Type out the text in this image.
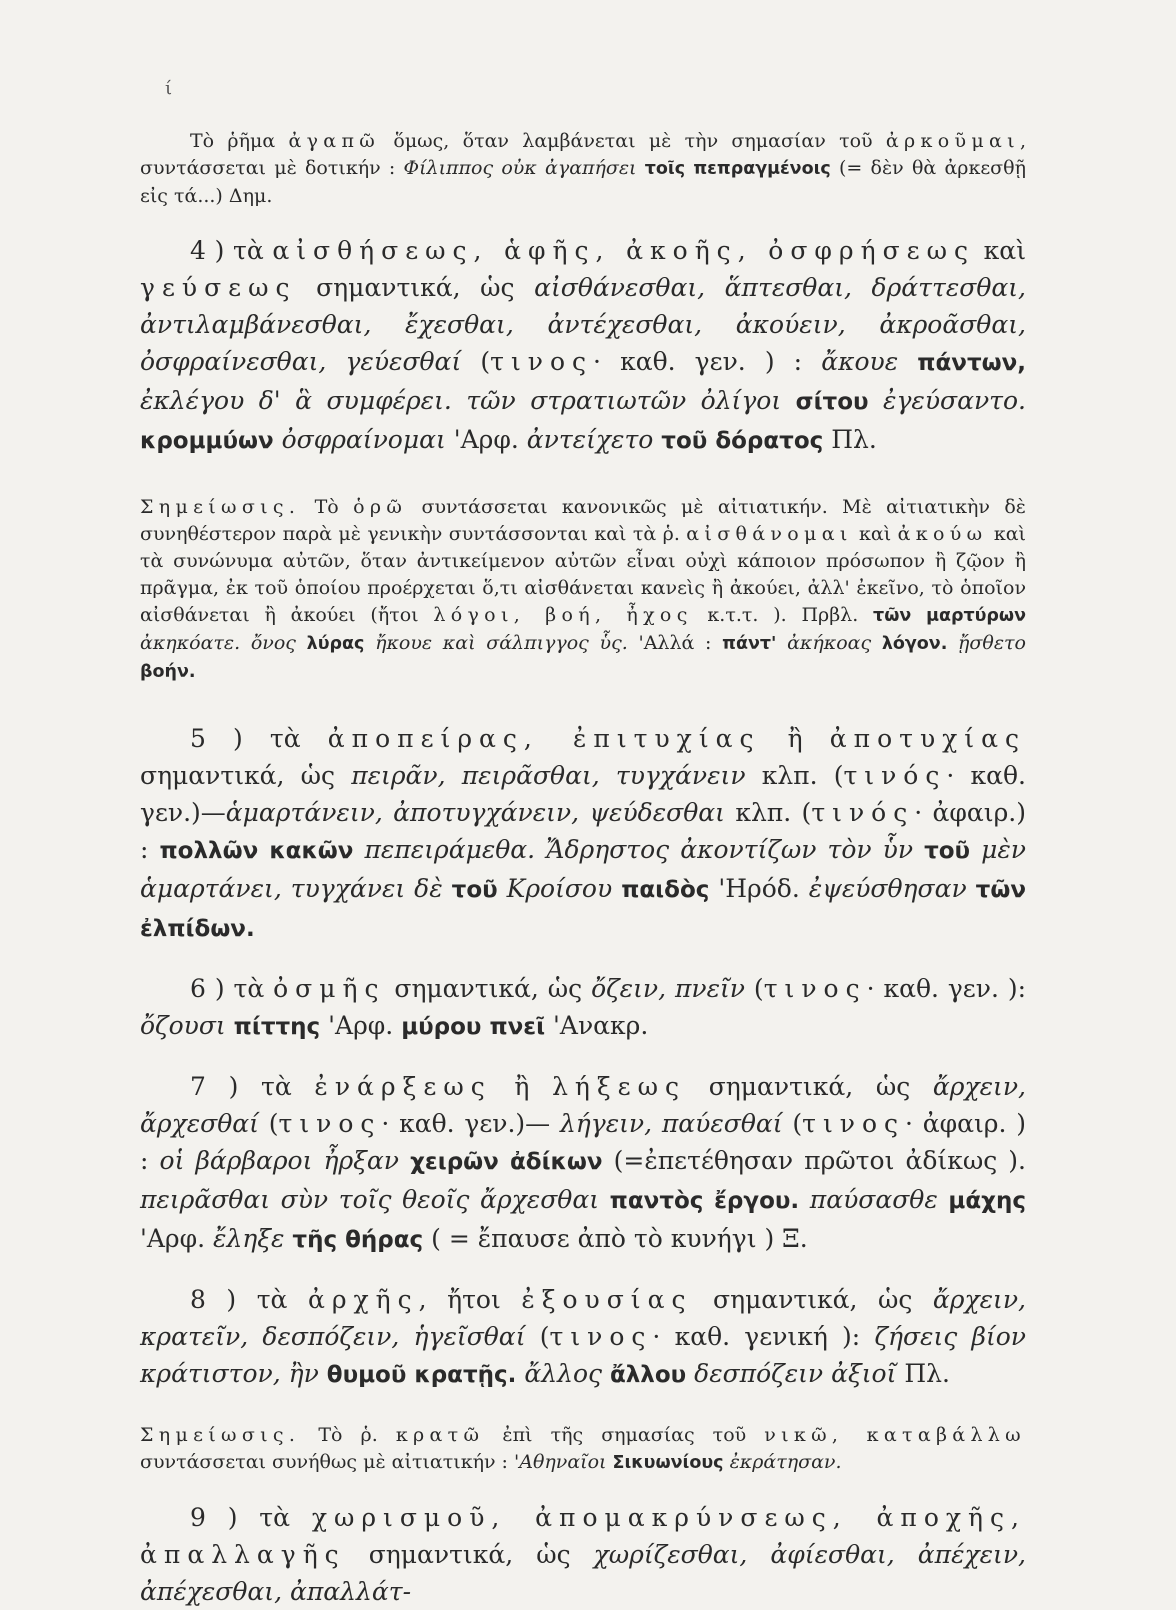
ί

Τὸ ῥῆμα ἀγαπῶ ὅμως, ὅταν λαμβάνεται μὲ τὴν σημασίαν τοῦ ἀρκοῦμαι, συντάσσεται μὲ δοτικήν : Φίλιππος οὐκ ἀγαπήσει τοῖς πεπραγμένοις (= δὲν θὰ ἀρκεσθῇ εἰς τά...) Δημ.

4 ) τὰ αἰσθήσεως, ἁφῆς, ἀκοῆς, ὀσφρήσεως καὶ γεύσεως σημαντικά, ὡς αἰσθάνεσθαι, ἅπτεσθαι, δράττεσθαι, ἀντιλαμβάνεσθαι, ἔχεσθαι, ἀντέχεσθαι, ἀκούειν, ἀκροᾶσθαι, ὀσφραίνεσθαι, γεύεσθαί (τινος· καθ. γεν. ) : ἄκουε πάντων, ἐκλέγου δ' ἃ συμφέρει. τῶν στρατιωτῶν ὀλίγοι σίτου ἐγεύσαντο. κρομμύων ὀσφραίνομαι 'Αρφ. ἀντείχετο τοῦ δόρατος Πλ.

Σημείωσις. Τὸ ὁρῶ συντάσσεται κανονικῶς μὲ αἰτιατικήν. Μὲ αἰτιατικὴν δὲ συνηθέστερον παρὰ μὲ γενικὴν συντάσσονται καὶ τὰ ῥ. αἰσθάνομαι καὶ ἀκούω καὶ τὰ συνώνυμα αὐτῶν, ὅταν ἀντικείμενον αὐτῶν εἶναι οὐχὶ κάποιον πρόσωπον ἢ ζῷον ἢ πρᾶγμα, ἐκ τοῦ ὁποίου προέρχεται ὅ,τι αἰσθάνεται κανεὶς ἢ ἀκούει, ἀλλ' ἐκεῖνο, τὸ ὁποῖον αἰσθάνεται ἢ ἀκούει (ἤτοι λόγοι, βοή, ἦχος κ.τ.τ. ). Πρβλ. τῶν μαρτύρων ἀκηκόατε. ὄνος λύρας ἤκουε καὶ σάλπιγγος ὗς. 'Αλλά : πάντ' ἀκήκοας λόγον. ᾔσθετο βοήν.

5 ) τὰ ἀποπείρας, ἐπιτυχίας ἢ ἀποτυχίας σημαντικά, ὡς πειρᾶν, πειρᾶσθαι, τυγχάνειν κλπ. (τινός· καθ. γεν.)—ἁμαρτάνειν, ἀποτυγχάνειν, ψεύδεσθαι κλπ. (τινός· ἀφαιρ.) : πολλῶν κακῶν πεπειράμεθα. Ἄδρηστος ἀκοντίζων τὸν ὗν τοῦ μὲν ἁμαρτάνει, τυγχάνει δὲ τοῦ Κροίσου παιδὸς 'Ηρόδ. ἐψεύσθησαν τῶν ἐλπίδων.

6 ) τὰ ὀσμῆς σημαντικά, ὡς ὄζειν, πνεῖν (τινος· καθ. γεν. ): ὄζουσι πίττης 'Αρφ. μύρου πνεῖ 'Ανακρ.

7 ) τὰ ἐνάρξεως ἢ λήξεως σημαντικά, ὡς ἄρχειν, ἄρχεσθαί (τινος· καθ. γεν.)— λήγειν, παύεσθαί (τινος· ἀφαιρ. ) : οἱ βάρβαροι ἦρξαν χειρῶν ἀδίκων (=ἐπετέθησαν πρῶτοι ἀδίκως ). πειρᾶσθαι σὺν τοῖς θεοῖς ἄρχεσθαι παντὸς ἔργου. παύσασθε μάχης 'Αρφ. ἔληξε τῆς θήρας ( = ἔπαυσε ἀπὸ τὸ κυνήγι ) Ξ.

8 ) τὰ ἀρχῆς, ἤτοι ἐξουσίας σημαντικά, ὡς ἄρχειν, κρατεῖν, δεσπόζειν, ἡγεῖσθαί (τινος· καθ. γενική ): ζήσεις βίον κράτιστον, ἢν θυμοῦ κρατῇς. ἄλλος ἄλλου δεσπόζειν ἀξιοῖ Πλ.

Σημείωσις. Τὸ ῥ. κρατῶ ἐπὶ τῆς σημασίας τοῦ νικῶ, καταβάλλω συντάσσεται συνήθως μὲ αἰτιατικήν : 'Αθηναῖοι Σικυωνίους ἐκράτησαν.

9 ) τὰ χωρισμοῦ, ἀπομακρύνσεως, ἀποχῆς, ἀπαλλαγῆς σημαντικά, ὡς χωρίζεσθαι, ἀφίεσθαι, ἀπέχειν, ἀπέχεσθαι, ἀπαλλάτ-
